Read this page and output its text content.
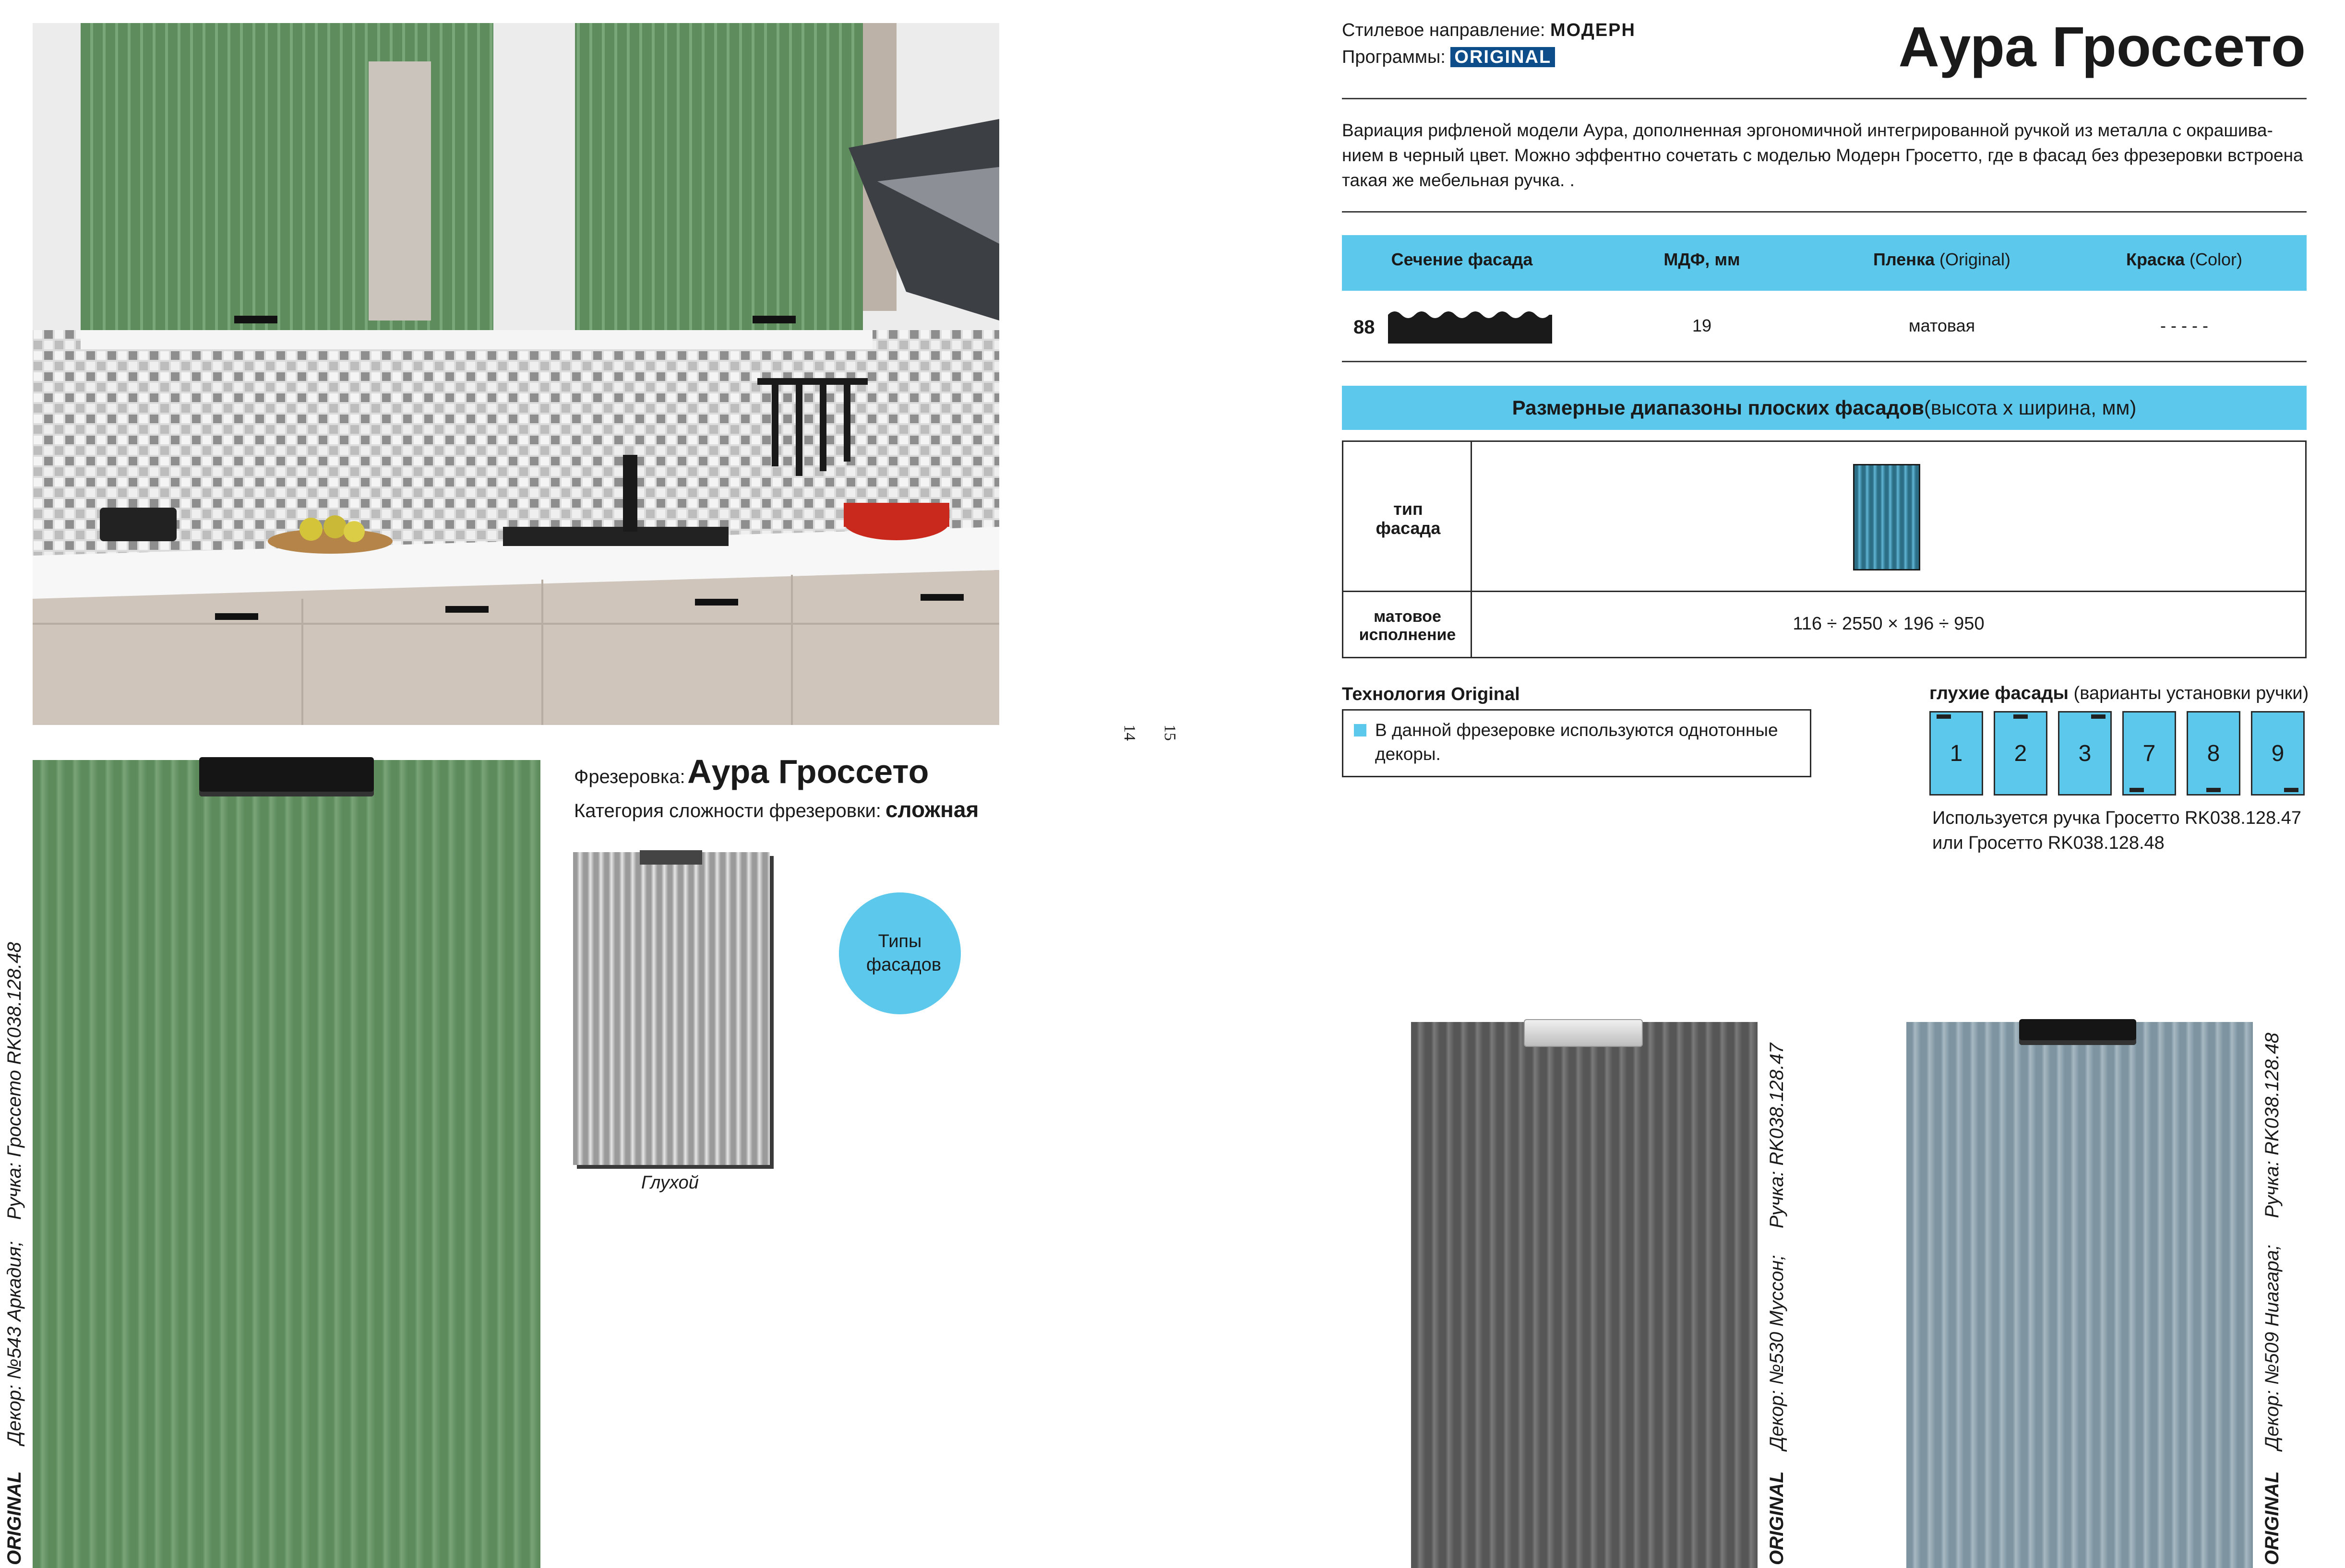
ORIGINAL     Декор: №543 Аркадия;    Ручка: Гроссето RK038.128.48
Фрезеровка: Аура Гроссето
Категория сложности фрезеровки: сложная
Глухой
Типы фасадов
14 15
Стилевое направление: МОДЕРН
Программы: ORIGINAL	Аура Гроссето
Вариация рифленой модели Аура, дополненная эргономичной интегрированной ручкой из металла с окрашива-нием в черный цвет. Можно эффентно сочетать с моделью Модерн Гросетто, где в фасад без фрезеровки встроена такая же мебельная ручка. .
Сечение фасада	МДФ, мм	Пленка (Original)	Краска (Color)
88	19	матовая	- - - - -
Размерные диапазоны плоских фасадов (высота х ширина, мм)
тип фасада
матовое исполнение
116 ÷ 2550 × 196 ÷ 950
Технология Original
В данной фрезеровке используются однотонные декоры.
глухие фасады (варианты установки ручки)
1 2 3 7 8 9
Используется ручка Гросетто RK038.128.47
или Гросетто RK038.128.48
ORIGINAL    Декор: №530 Муссон;     Ручка: RK038.128.47
ORIGINAL    Декор: №509 Ниагара;     Ручка: RK038.128.48
